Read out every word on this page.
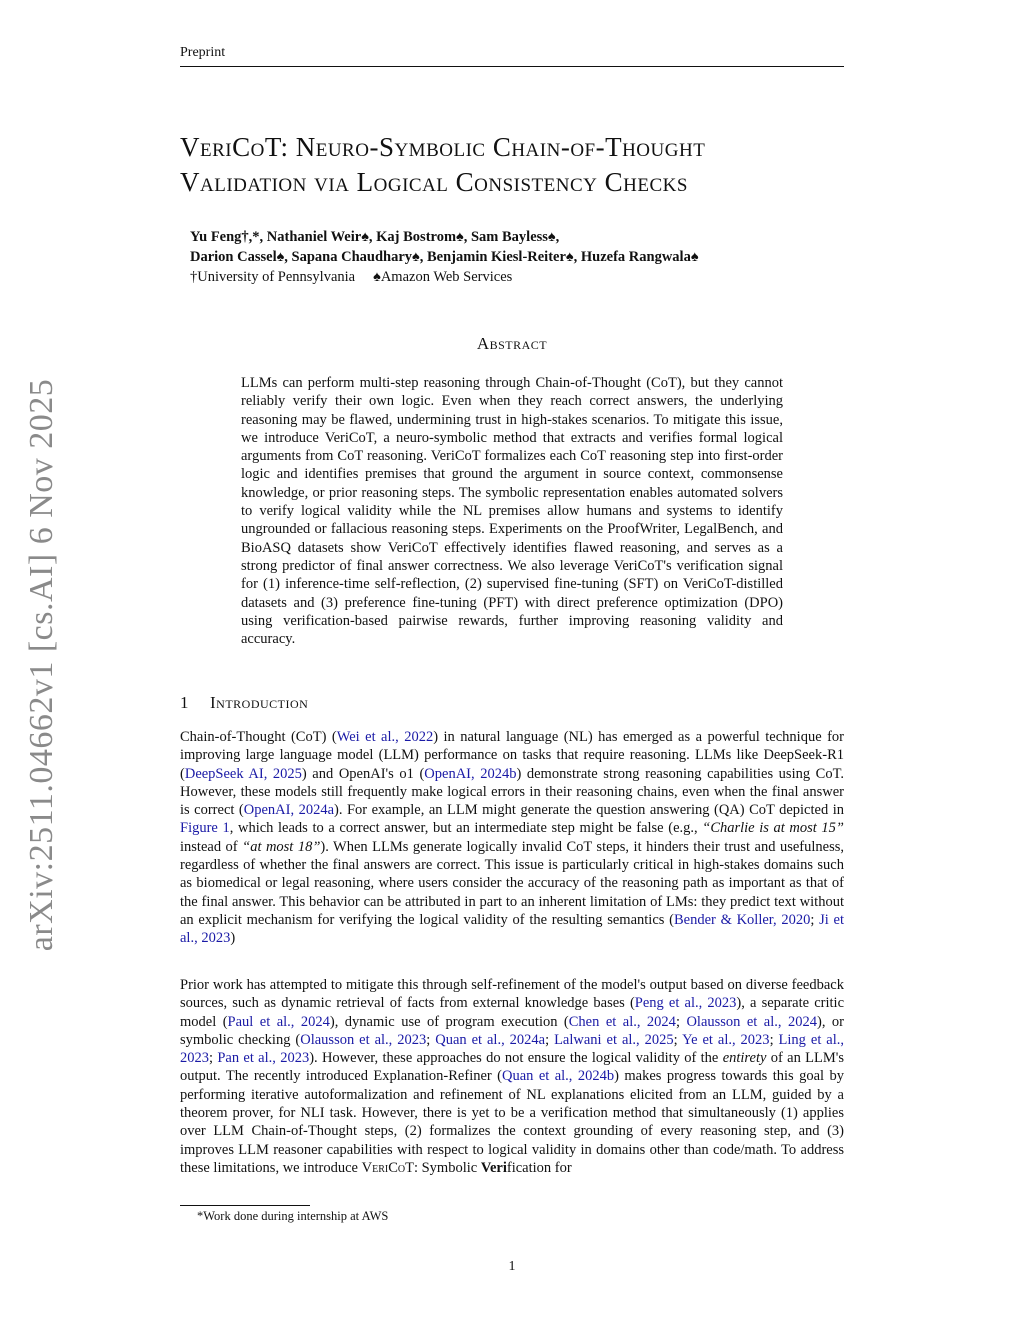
Preprint
arXiv:2511.04662v1 [cs.AI] 6 Nov 2025
VeriCoT: Neuro-Symbolic Chain-of-Thought
Validation via Logical Consistency Checks
Yu Feng†,*, Nathaniel Weir♠, Kaj Bostrom♠, Sam Bayless♠,
Darion Cassel♠, Sapana Chaudhary♠, Benjamin Kiesl-Reiter♠, Huzefa Rangwala♠
†University of Pennsylvania ♠Amazon Web Services
Abstract

LLMs can perform multi-step reasoning through Chain-of-Thought (CoT), but they cannot reliably verify their own logic. Even when they reach correct answers, the underlying reasoning may be flawed, undermining trust in high-stakes scenarios. To mitigate this issue, we introduce VeriCoT, a neuro-symbolic method that extracts and verifies formal logical arguments from CoT reasoning. VeriCoT formalizes each CoT reasoning step into first-order logic and identifies premises that ground the argument in source context, commonsense knowledge, or prior reasoning steps. The symbolic representation enables automated solvers to verify logical validity while the NL premises allow humans and systems to identify ungrounded or fallacious reasoning steps. Experiments on the ProofWriter, LegalBench, and BioASQ datasets show VeriCoT effectively identifies flawed reasoning, and serves as a strong predictor of final answer correctness. We also leverage VeriCoT's verification signal for (1) inference-time self-reflection, (2) supervised fine-tuning (SFT) on VeriCoT-distilled datasets and (3) preference fine-tuning (PFT) with direct preference optimization (DPO) using verification-based pairwise rewards, further improving reasoning validity and accuracy.

1 Introduction

Chain-of-Thought (CoT) (Wei et al., 2022) in natural language (NL) has emerged as a powerful technique for improving large language model (LLM) performance on tasks that require reasoning. LLMs like DeepSeek-R1 (DeepSeek AI, 2025) and OpenAI's o1 (OpenAI, 2024b) demonstrate strong reasoning capabilities using CoT. However, these models still frequently make logical errors in their reasoning chains, even when the final answer is correct (OpenAI, 2024a). For example, an LLM might generate the question answering (QA) CoT depicted in Figure 1, which leads to a correct answer, but an intermediate step might be false (e.g., “Charlie is at most 15” instead of “at most 18”). When LLMs generate logically invalid CoT steps, it hinders their trust and usefulness, regardless of whether the final answers are correct. This issue is particularly critical in high-stakes domains such as biomedical or legal reasoning, where users consider the accuracy of the reasoning path as important as that of the final answer. This behavior can be attributed in part to an inherent limitation of LMs: they predict text without an explicit mechanism for verifying the logical validity of the resulting semantics (Bender & Koller, 2020; Ji et al., 2023)

Prior work has attempted to mitigate this through self-refinement of the model's output based on diverse feedback sources, such as dynamic retrieval of facts from external knowledge bases (Peng et al., 2023), a separate critic model (Paul et al., 2024), dynamic use of program execution (Chen et al., 2024; Olausson et al., 2024), or symbolic checking (Olausson et al., 2023; Quan et al., 2024a; Lalwani et al., 2025; Ye et al., 2023; Ling et al., 2023; Pan et al., 2023). However, these approaches do not ensure the logical validity of the entirety of an LLM's output. The recently introduced Explanation-Refiner (Quan et al., 2024b) makes progress towards this goal by performing iterative autoformalization and refinement of NL explanations elicited from an LLM, guided by a theorem prover, for NLI task. However, there is yet to be a verification method that simultaneously (1) applies over LLM Chain-of-Thought steps, (2) formalizes the context grounding of every reasoning step, and (3) improves LLM reasoner capabilities with respect to logical validity in domains other than code/math. To address these limitations, we introduce VeriCoT: Symbolic Verification for

*Work done during internship at AWS
1
